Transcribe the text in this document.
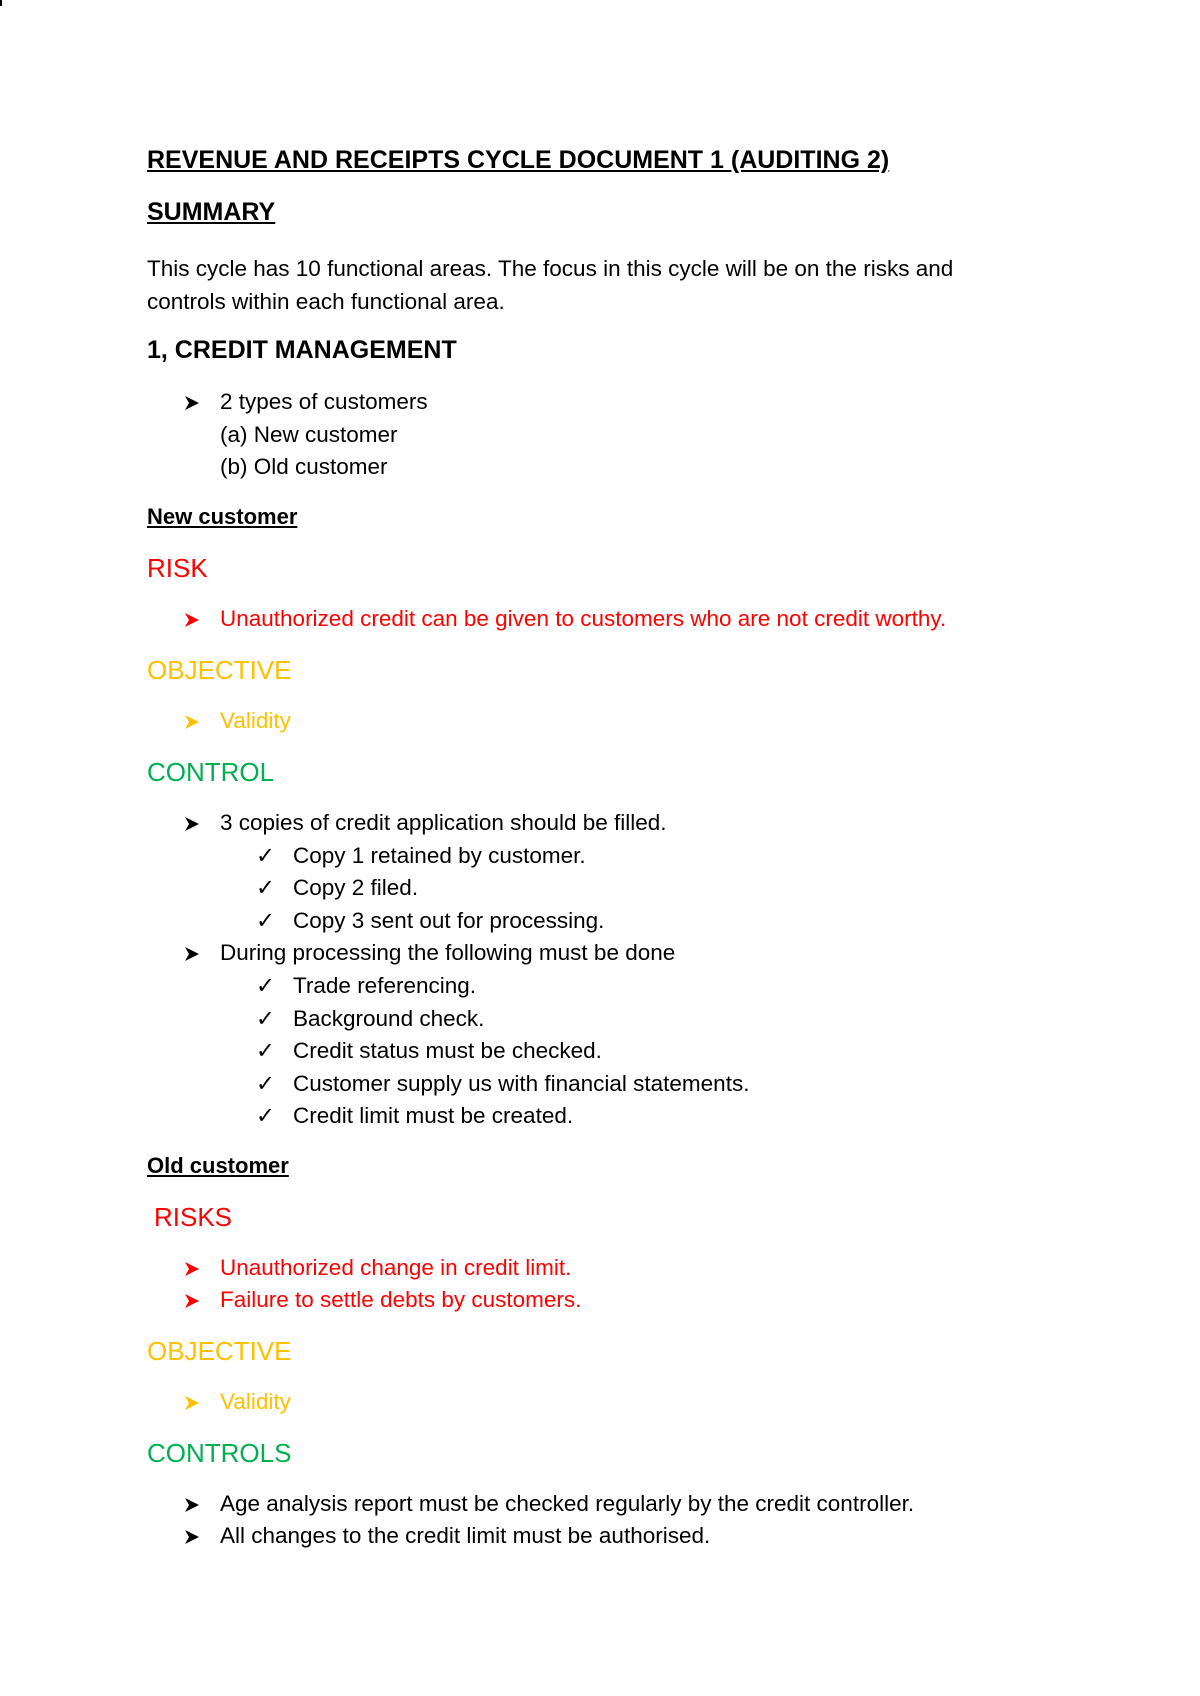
REVENUE AND RECEIPTS CYCLE DOCUMENT 1 (AUDITING 2)
SUMMARY
This cycle has 10 functional areas. The focus in this cycle will be on the risks and
controls within each functional area.
1, CREDIT MANAGEMENT
2 types of customers
(a) New customer
(b) Old customer
New customer
RISK
Unauthorized credit can be given to customers who are not credit worthy.
OBJECTIVE
Validity
CONTROL
3 copies of credit application should be filled.
✓ Copy 1 retained by customer.
✓ Copy 2 filed.
✓ Copy 3 sent out for processing.
During processing the following must be done
✓ Trade referencing.
✓ Background check.
✓ Credit status must be checked.
✓ Customer supply us with financial statements.
✓ Credit limit must be created.
Old customer
RISKS
Unauthorized change in credit limit.
Failure to settle debts by customers.
OBJECTIVE
Validity
CONTROLS
Age analysis report must be checked regularly by the credit controller.
All changes to the credit limit must be authorised.
